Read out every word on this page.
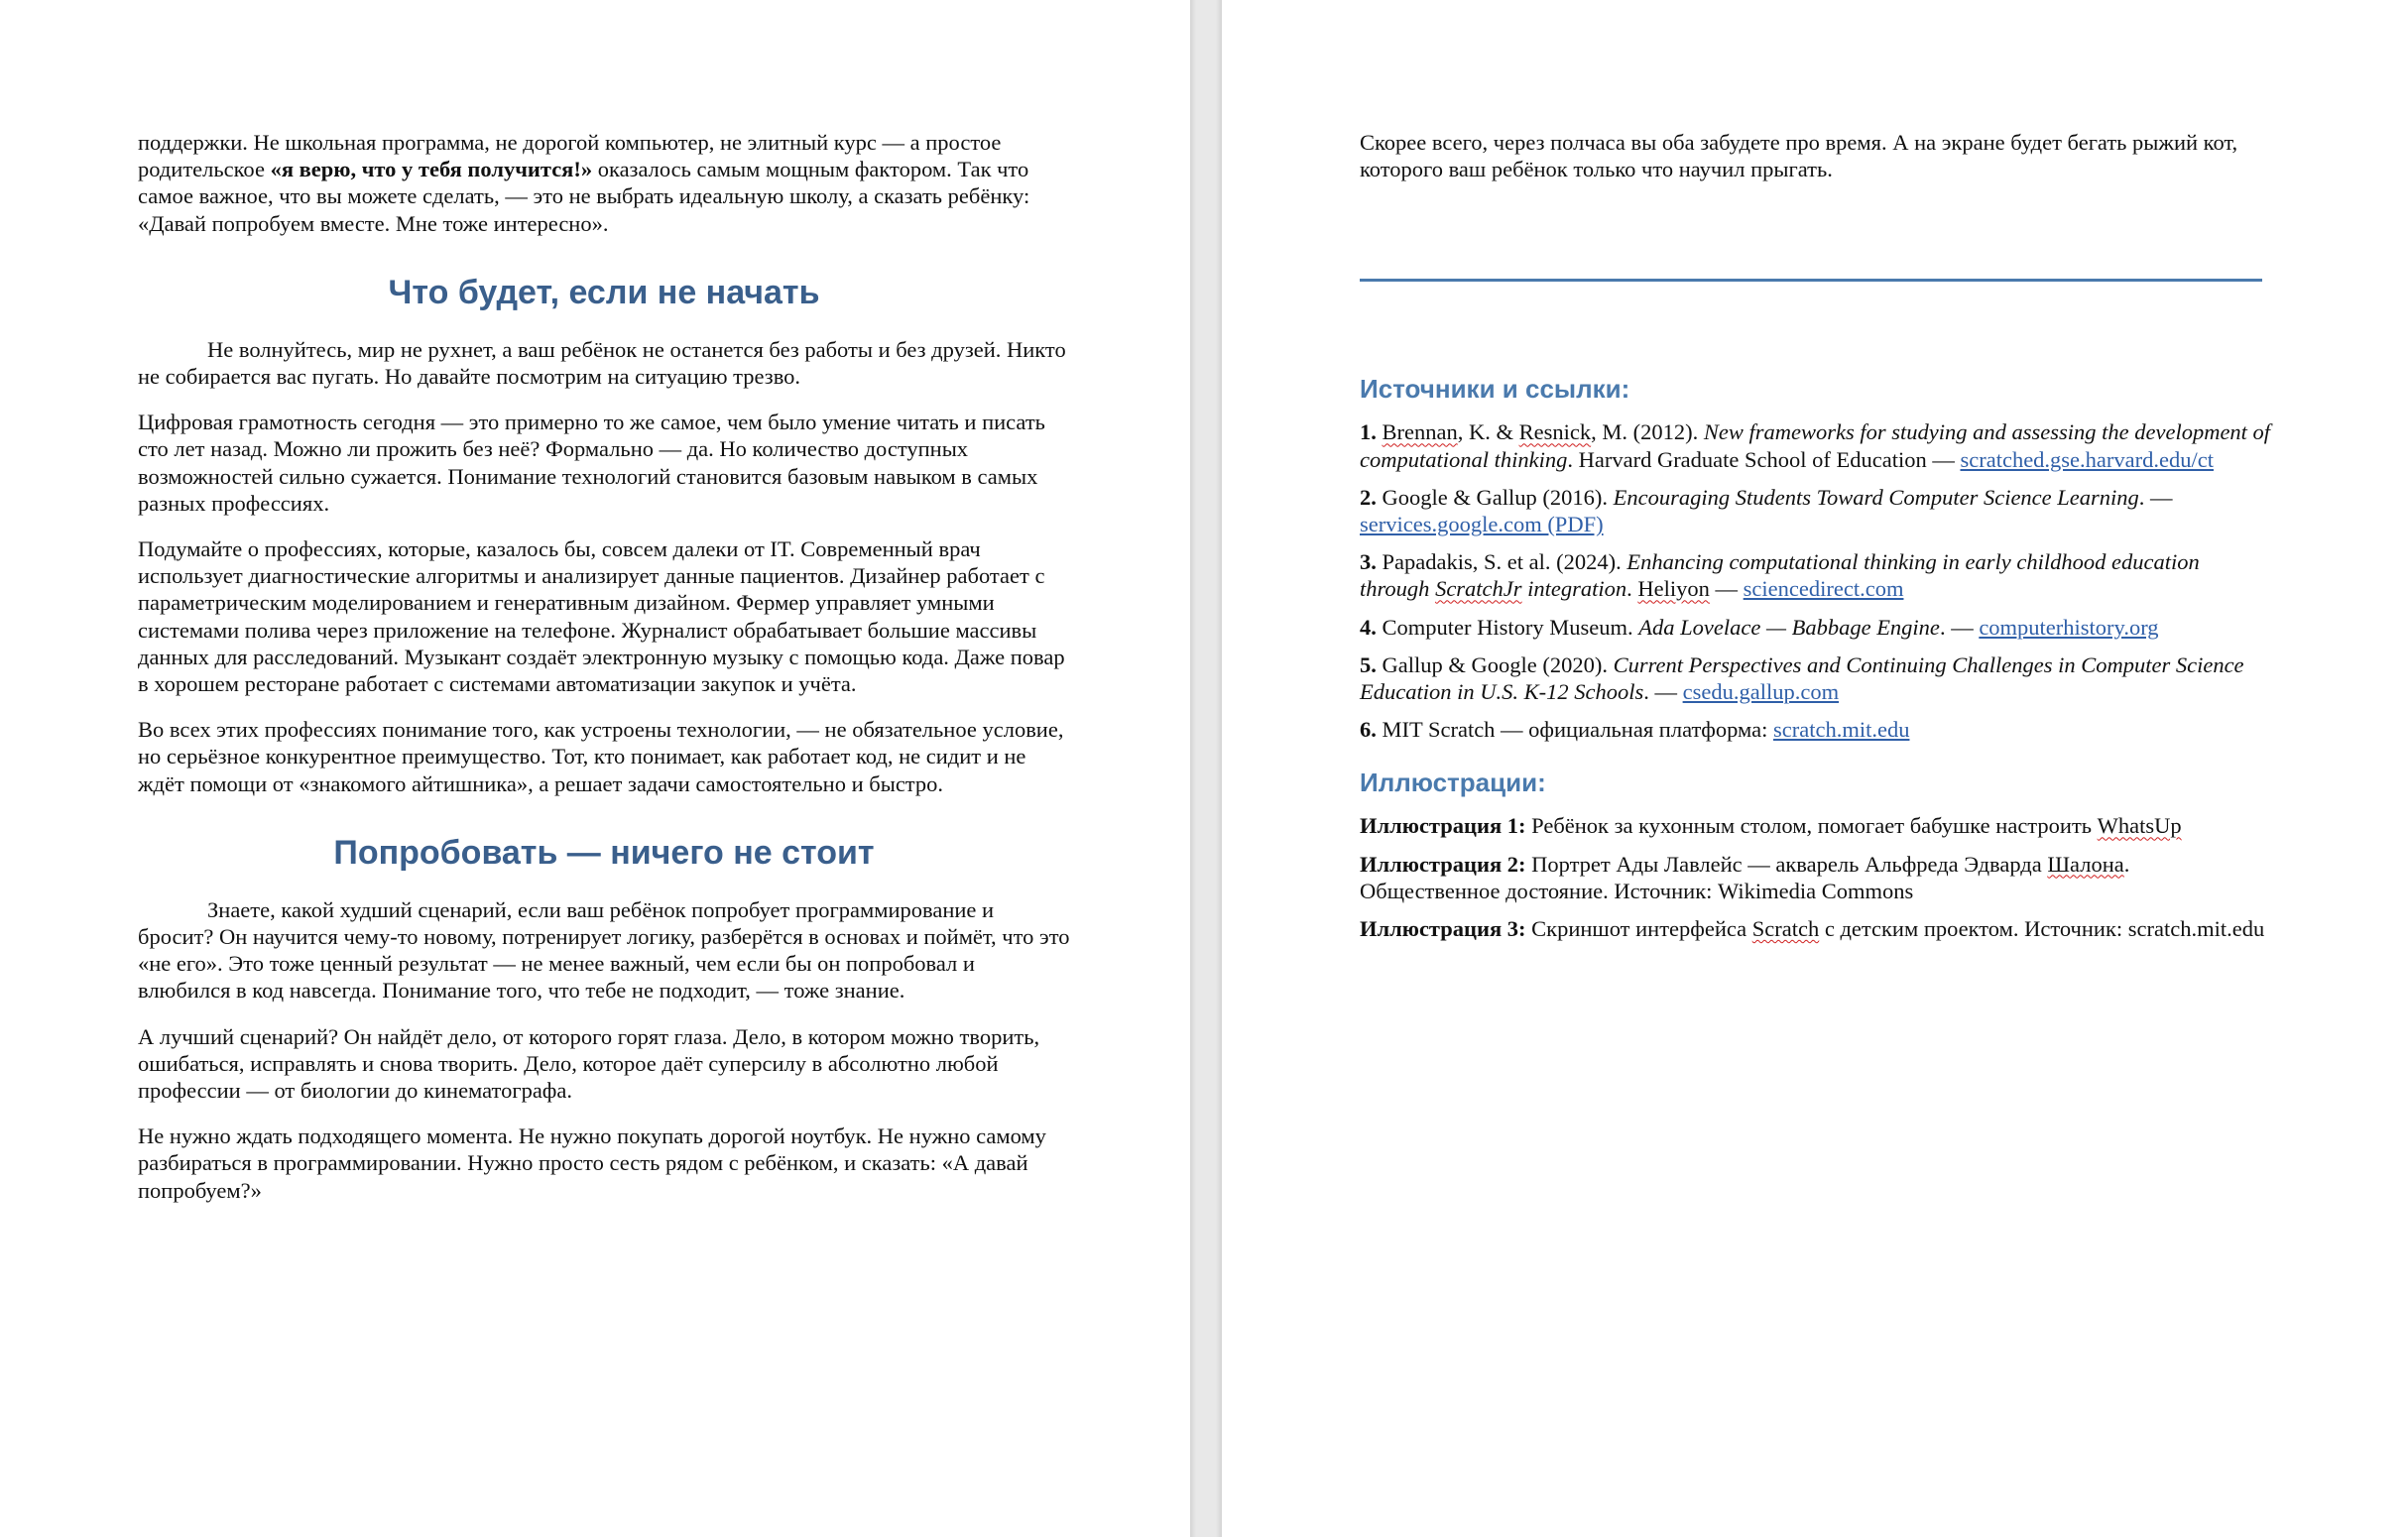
поддержки. Не школьная программа, не дорогой компьютер, не элитный курс — а простое родительское «я верю, что у тебя получится!» оказалось самым мощным фактором. Так что самое важное, что вы можете сделать, — это не выбрать идеальную школу, а сказать ребёнку: «Давай попробуем вместе. Мне тоже интересно».

Что будет, если не начать

Не волнуйтесь, мир не рухнет, а ваш ребёнок не останется без работы и без друзей. Никто не собирается вас пугать. Но давайте посмотрим на ситуацию трезво.

Цифровая грамотность сегодня — это примерно то же самое, чем было умение читать и писать сто лет назад. Можно ли прожить без неё? Формально — да. Но количество доступных возможностей сильно сужается. Понимание технологий становится базовым навыком в самых разных профессиях.

Подумайте о профессиях, которые, казалось бы, совсем далеки от IT. Современный врач использует диагностические алгоритмы и анализирует данные пациентов. Дизайнер работает с параметрическим моделированием и генеративным дизайном. Фермер управляет умными системами полива через приложение на телефоне. Журналист обрабатывает большие массивы данных для расследований. Музыкант создаёт электронную музыку с помощью кода. Даже повар в хорошем ресторане работает с системами автоматизации закупок и учёта.

Во всех этих профессиях понимание того, как устроены технологии, — не обязательное условие, но серьёзное конкурентное преимущество. Тот, кто понимает, как работает код, не сидит и не ждёт помощи от «знакомого айтишника», а решает задачи самостоятельно и быстро.

Попробовать — ничего не стоит

Знаете, какой худший сценарий, если ваш ребёнок попробует программирование и бросит? Он научится чему-то новому, потренирует логику, разберётся в основах и поймёт, что это «не его». Это тоже ценный результат — не менее важный, чем если бы он попробовал и влюбился в код навсегда. Понимание того, что тебе не подходит, — тоже знание.

А лучший сценарий? Он найдёт дело, от которого горят глаза. Дело, в котором можно творить, ошибаться, исправлять и снова творить. Дело, которое даёт суперсилу в абсолютно любой профессии — от биологии до кинематографа.

Не нужно ждать подходящего момента. Не нужно покупать дорогой ноутбук. Не нужно самому разбираться в программировании. Нужно просто сесть рядом с ребёнком, и сказать: «А давай попробуем?»

Скорее всего, через полчаса вы оба забудете про время. А на экране будет бегать рыжий кот, которого ваш ребёнок только что научил прыгать.

Источники и ссылки:

1. Brennan, K. & Resnick, M. (2012). New frameworks for studying and assessing the development of computational thinking. Harvard Graduate School of Education — scratched.gse.harvard.edu/ct

2. Google & Gallup (2016). Encouraging Students Toward Computer Science Learning. — services.google.com (PDF)

3. Papadakis, S. et al. (2024). Enhancing computational thinking in early childhood education through ScratchJr integration. Heliyon — sciencedirect.com

4. Computer History Museum. Ada Lovelace — Babbage Engine. — computerhistory.org

5. Gallup & Google (2020). Current Perspectives and Continuing Challenges in Computer Science Education in U.S. K-12 Schools. — csedu.gallup.com

6. MIT Scratch — официальная платформа: scratch.mit.edu

Иллюстрации:

Иллюстрация 1: Ребёнок за кухонным столом, помогает бабушке настроить WhatsUp

Иллюстрация 2: Портрет Ады Лавлейс — акварель Альфреда Эдварда Шалона. Общественное достояние. Источник: Wikimedia Commons

Иллюстрация 3: Скриншот интерфейса Scratch с детским проектом. Источник: scratch.mit.edu
